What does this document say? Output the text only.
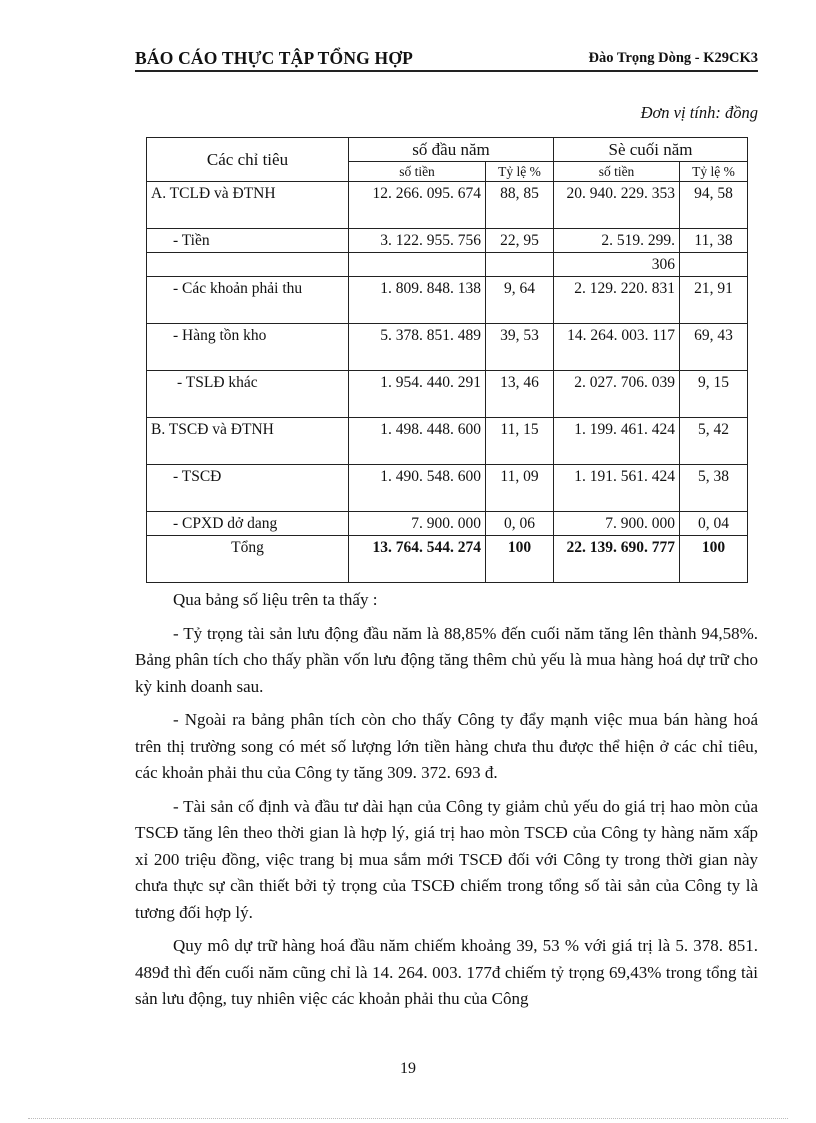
BÁO CÁO THỰC TẬP TỔNG HỢP	Đào Trọng Dòng - K29CK3
Đơn vị tính: đồng
Các chỉ tiêu	số đầu năm		Sè cuối năm	
	số tiền	Tỷ lệ %	số tiền	Tỷ lệ %
A. TCLĐ và ĐTNH	12. 266. 095. 674	88, 85	20. 940. 229. 353	94, 58
- Tiền	3. 122. 955. 756	22, 95	2. 519. 299.	11, 38
			306	
- Các khoản phải thu	1. 809. 848. 138	9, 64	2. 129. 220. 831	21, 91
- Hàng tồn kho	5. 378. 851. 489	39, 53	14. 264. 003. 117	69, 43
- TSLĐ khác	1. 954. 440. 291	13, 46	2. 027. 706. 039	9, 15
B. TSCĐ và ĐTNH	1. 498. 448. 600	11, 15	1. 199. 461. 424	5, 42
- TSCĐ	1. 490. 548. 600	11, 09	1. 191. 561. 424	5, 38
- CPXD dở dang	7. 900. 000	0, 06	7. 900. 000	0, 04
Tổng	13. 764. 544. 274	100	22. 139. 690. 777	100

Qua bảng số liệu trên ta thấy :

- Tỷ trọng tài sản lưu động đầu năm là 88,85% đến cuối năm tăng lên thành 94,58%. Bảng phân tích cho thấy phần vốn lưu động tăng thêm chủ yếu là mua hàng hoá dự trữ cho kỳ kinh doanh sau.

- Ngoài ra bảng phân tích còn cho thấy Công ty đẩy mạnh việc mua bán hàng hoá trên thị trường song có mét số lượng lớn tiền hàng chưa thu được thể hiện ở các chỉ tiêu, các khoản phải thu của Công ty tăng 309. 372. 693 đ.

- Tài sản cố định và đầu tư dài hạn của Công ty giảm chủ yếu do giá trị hao mòn của TSCĐ tăng lên theo thời gian là hợp lý, giá trị hao mòn TSCĐ của Công ty hàng năm xấp xỉ 200 triệu đồng, việc trang bị mua sắm mới TSCĐ đối với Công ty trong thời gian này chưa thực sự cần thiết bởi tỷ trọng của TSCĐ chiếm trong tổng số tài sản của Công ty là tương đối hợp lý.

Quy mô dự trữ hàng hoá đầu năm chiếm khoảng 39, 53 % với giá trị là 5. 378. 851. 489đ thì đến cuối năm cũng chỉ là 14. 264. 003. 177đ chiếm tỷ trọng 69,43% trong tổng tài sản lưu động, tuy nhiên việc các khoản phải thu của Công

19
